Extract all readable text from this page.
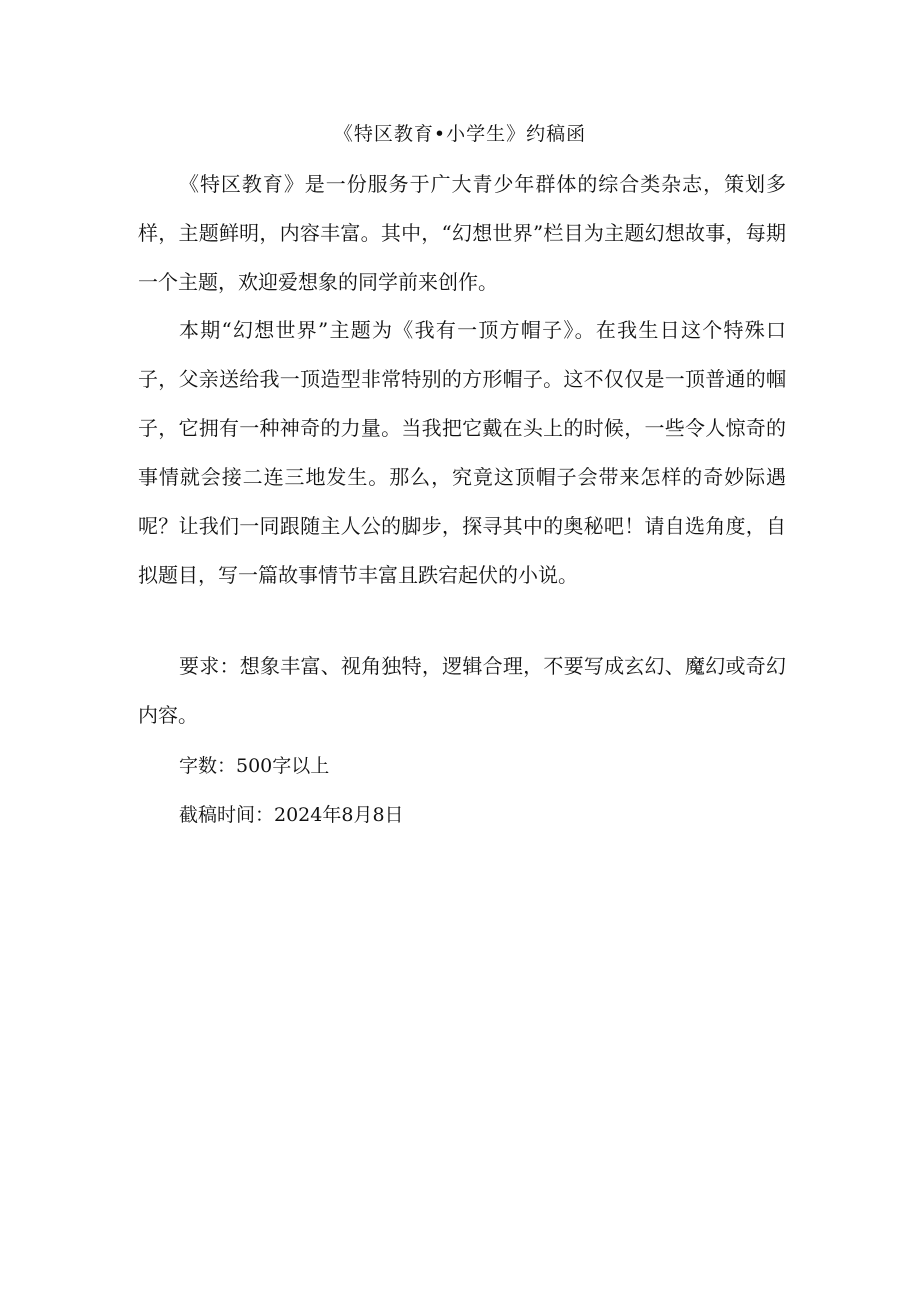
《特区教育•小学生》约稿函

《特区教育》是一份服务于广大青少年群体的综合类杂志，策划多样，主题鲜明，内容丰富。其中，“幻想世界”栏目为主题幻想故事，每期一个主题，欢迎爱想象的同学前来创作。

本期“幻想世界”主题为《我有一顶方帽子》。在我生日这个特殊口子，父亲送给我一顶造型非常特别的方形帽子。这不仅仅是一顶普通的帼子，它拥有一种神奇的力量。当我把它戴在头上的时候，一些令人惊奇的事情就会接二连三地发生。那么，究竟这顶帽子会带来怎样的奇妙际遇呢？让我们一同跟随主人公的脚步，探寻其中的奥秘吧！请自选角度，自拟题目，写一篇故事情节丰富且跌宕起伏的小说。

要求：想象丰富、视角独特，逻辑合理，不要写成玄幻、魔幻或奇幻内容。

字数：500字以上
截稿时间：2024年8月8日
